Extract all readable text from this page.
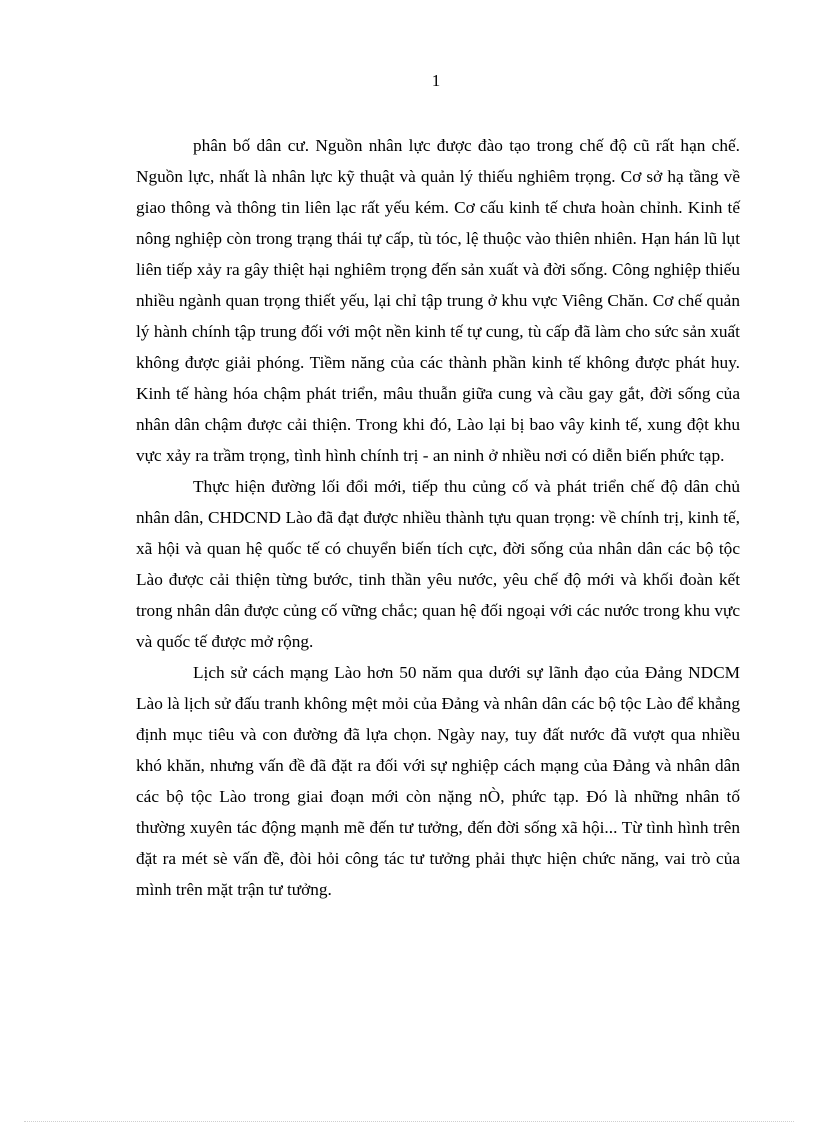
1

phân bố dân cư. Nguồn nhân lực được đào tạo trong chế độ cũ rất hạn chế. Nguồn lực, nhất là nhân lực kỹ thuật và quản lý thiếu nghiêm trọng. Cơ sở hạ tầng về giao thông và thông tin liên lạc rất yếu kém. Cơ cấu kinh tế chưa hoàn chỉnh. Kinh tế nông nghiệp còn trong trạng thái tự cấp, tù tóc, lệ thuộc vào thiên nhiên. Hạn hán lũ lụt liên tiếp xảy ra gây thiệt hại nghiêm trọng đến sản xuất và đời sống. Công nghiệp thiếu nhiều ngành quan trọng thiết yếu, lại chỉ tập trung ở khu vực Viêng Chăn. Cơ chế quản lý hành chính tập trung đối với một nền kinh tế tự cung, tù cấp đã làm cho sức sản xuất không được giải phóng. Tiềm năng của các thành phần kinh tế không được phát huy. Kinh tế hàng hóa chậm phát triển, mâu thuẫn giữa cung và cầu gay gắt, đời sống của nhân dân chậm được cải thiện. Trong khi đó, Lào lại bị bao vây kinh tế, xung đột khu vực xảy ra trầm trọng, tình hình chính trị - an ninh ở nhiều nơi có diễn biến phức tạp.

Thực hiện đường lối đổi mới, tiếp thu củng cố và phát triển chế độ dân chủ nhân dân, CHDCND Lào đã đạt được nhiều thành tựu quan trọng: về chính trị, kinh tế, xã hội và quan hệ quốc tế có chuyển biến tích cực, đời sống của nhân dân các bộ tộc Lào được cải thiện từng bước, tinh thần yêu nước, yêu chế độ mới và khối đoàn kết trong nhân dân được củng cố vững chắc; quan hệ đối ngoại với các nước trong khu vực và quốc tế được mở rộng.

Lịch sử cách mạng Lào hơn 50 năm qua dưới sự lãnh đạo của Đảng NDCM Lào là lịch sử đấu tranh không mệt mỏi của Đảng và nhân dân các bộ tộc Lào để khẳng định mục tiêu và con đường đã lựa chọn. Ngày nay, tuy đất nước đã vượt qua nhiều khó khăn, nhưng vấn đề đã đặt ra đối với sự nghiệp cách mạng của Đảng và nhân dân các bộ tộc Lào trong giai đoạn mới còn nặng nÒ, phức tạp. Đó là những nhân tố thường xuyên tác động mạnh mẽ đến tư tưởng, đến đời sống xã hội... Từ tình hình trên đặt ra mét sè vấn đề, đòi hỏi công tác tư tưởng phải thực hiện chức năng, vai trò của mình trên mặt trận tư tưởng.
